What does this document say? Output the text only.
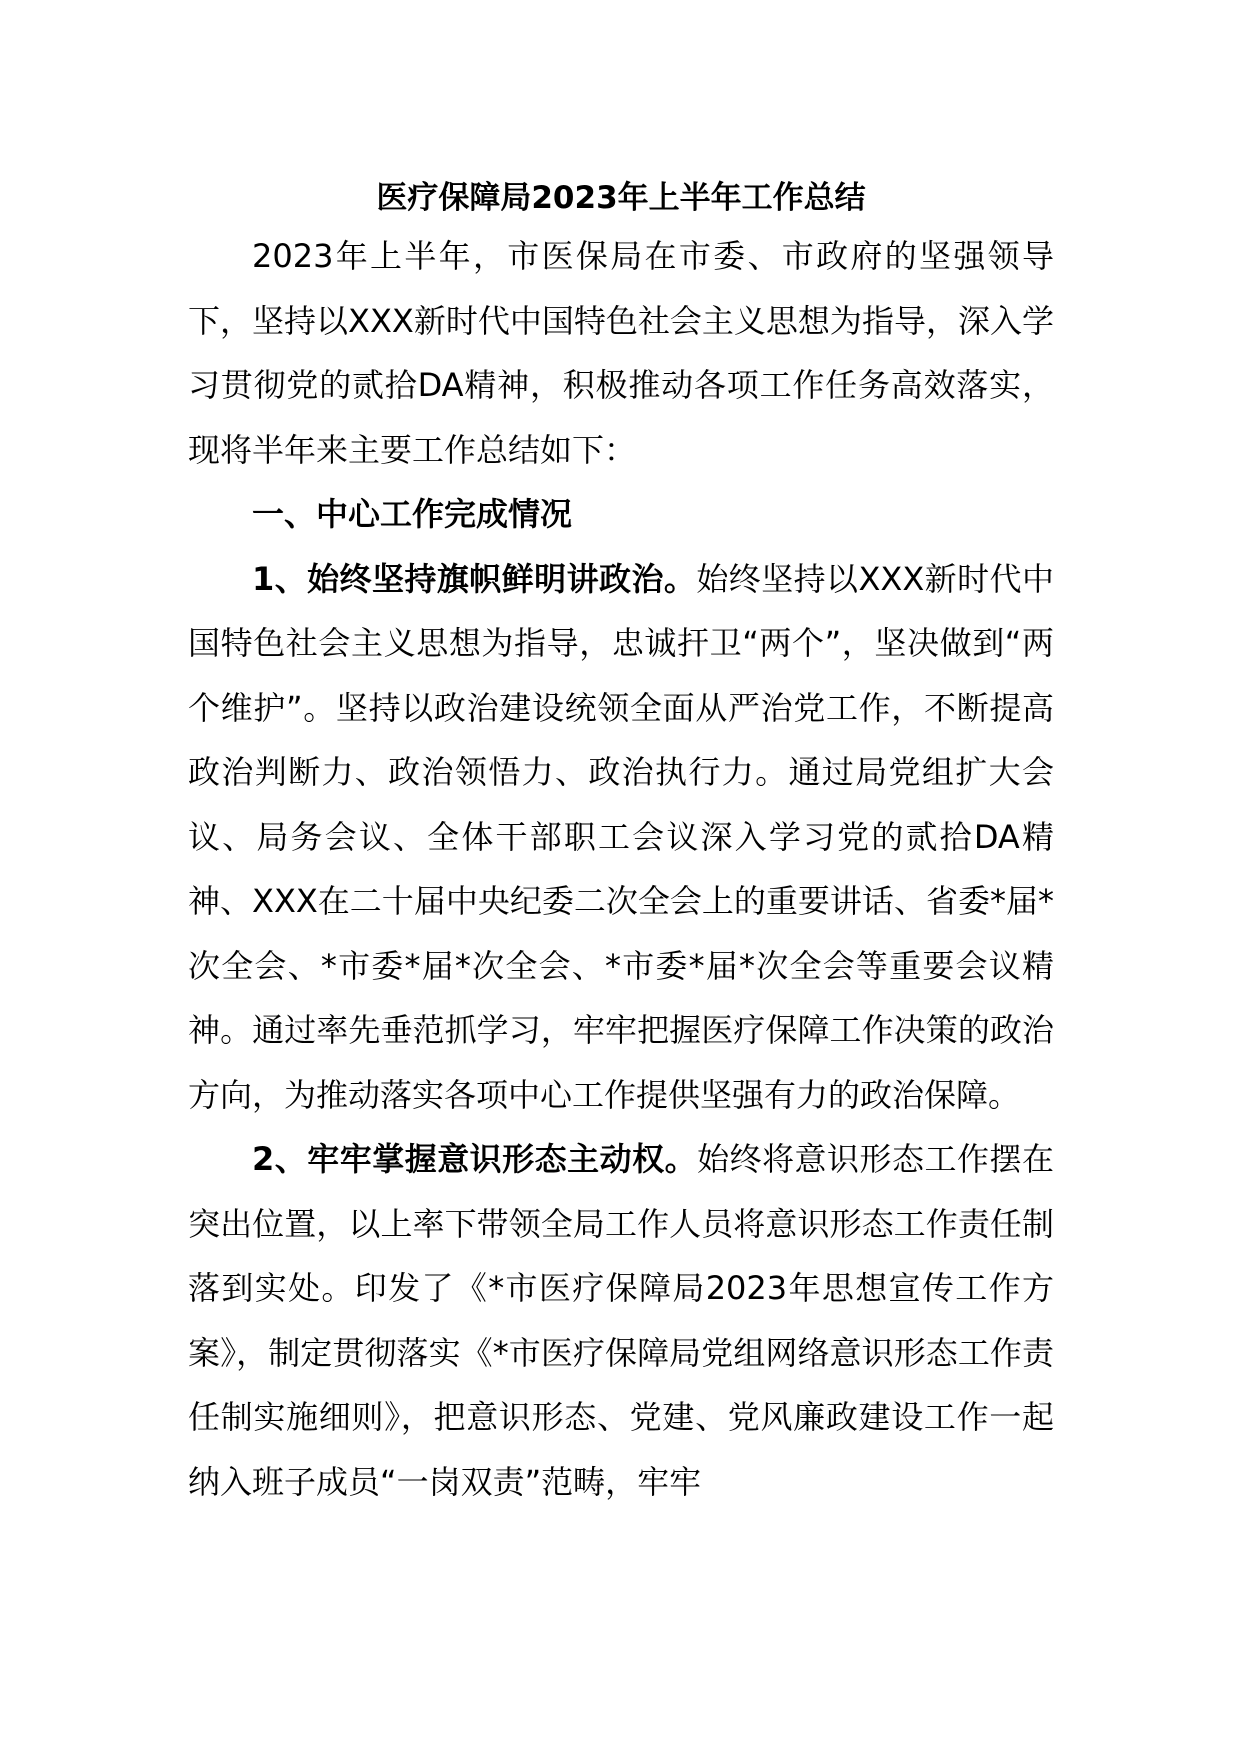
医疗保障局2023年上半年工作总结

2023年上半年，市医保局在市委、市政府的坚强领导下，坚持以XXX新时代中国特色社会主义思想为指导，深入学习贯彻党的贰拾DA精神，积极推动各项工作任务高效落实，现将半年来主要工作总结如下：

一、中心工作完成情况

1、始终坚持旗帜鲜明讲政治。始终坚持以XXX新时代中国特色社会主义思想为指导，忠诚扞卫“两个”，坚决做到“两个维护”。坚持以政治建设统领全面从严治党工作，不断提高政治判断力、政治领悟力、政治执行力。通过局党组扩大会议、局务会议、全体干部职工会议深入学习党的贰拾DA精神、XXX在二十届中央纪委二次全会上的重要讲话、省委*届*次全会、*市委*届*次全会、*市委*届*次全会等重要会议精神。通过率先垂范抓学习，牢牢把握医疗保障工作决策的政治方向，为推动落实各项中心工作提供坚强有力的政治保障。

2、牢牢掌握意识形态主动权。始终将意识形态工作摆在突出位置，以上率下带领全局工作人员将意识形态工作责任制落到实处。印发了《*市医疗保障局2023年思想宣传工作方案》，制定贯彻落实《*市医疗保障局党组网络意识形态工作责任制实施细则》，把意识形态、党建、党风廉政建设工作一起纳入班子成员“一岗双责”范畴，牢牢
